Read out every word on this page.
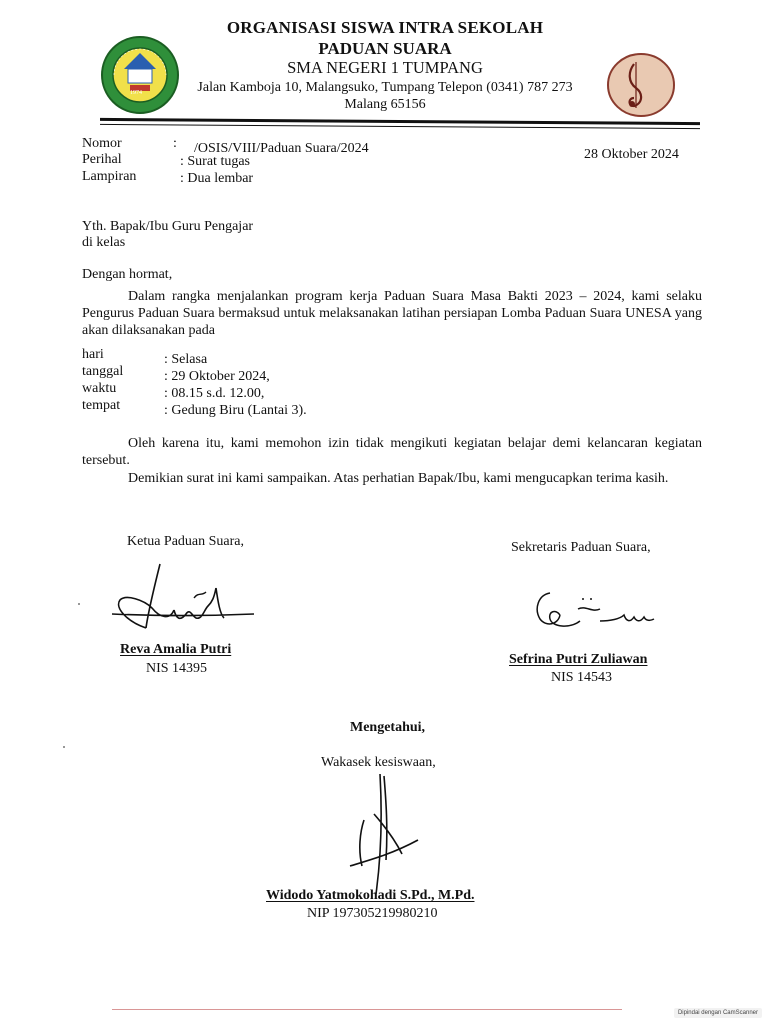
1974
ORGANISASI SISWA INTRA SEKOLAH
PADUAN SUARA
SMA NEGERI 1 TUMPANG
Jalan Kamboja 10, Malangsuko, Tumpang Telepon (0341) 787 273
Malang 65156
Nomor	: /OSIS/VIII/Paduan Suara/2024
Perihal	: Surat tugas
Lampiran	: Dua lembar
28 Oktober 2024
Yth. Bapak/Ibu Guru Pengajar
di kelas
Dengan hormat,
Dalam rangka menjalankan program kerja Paduan Suara Masa Bakti 2023 – 2024, kami selaku Pengurus Paduan Suara bermaksud untuk melaksanakan latihan persiapan Lomba Paduan Suara UNESA yang akan dilaksanakan pada
hari	: Selasa
tanggal	: 29 Oktober 2024,
waktu	: 08.15 s.d. 12.00,
tempat	: Gedung Biru (Lantai 3).
Oleh karena itu, kami memohon izin tidak mengikuti kegiatan belajar demi kelancaran kegiatan tersebut.
Demikian surat ini kami sampaikan. Atas perhatian Bapak/Ibu, kami mengucapkan terima kasih.
Ketua Paduan Suara,
Reva Amalia Putri
NIS 14395
Sekretaris Paduan Suara,
Sefrina Putri Zuliawan
NIS 14543
Mengetahui,
Wakasek kesiswaan,
Widodo Yatmokohadi S.Pd., M.Pd.
NIP 197305219980210
Dipindai dengan CamScanner
